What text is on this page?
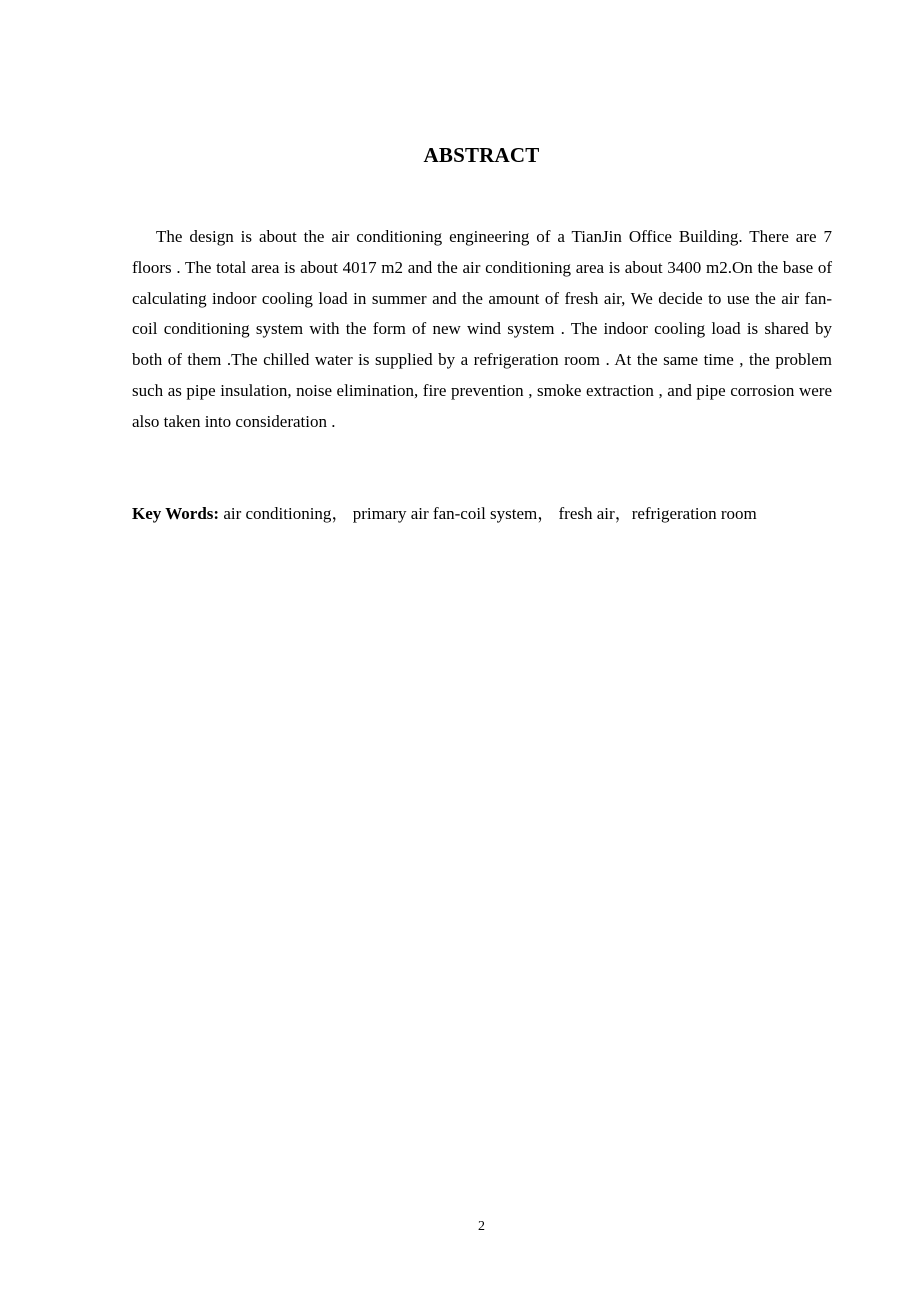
ABSTRACT

The design is about the air conditioning engineering of a TianJin Office Building. There are 7 floors . The total area is about 4017 m2 and the air conditioning area is about 3400 m2.On the base of calculating indoor cooling load in summer and the amount of fresh air, We decide to use the air fan-coil conditioning system with the form of new wind system . The indoor cooling load is shared by both of them .The chilled water is supplied by a refrigeration room . At the same time , the problem such as pipe insulation, noise elimination, fire prevention , smoke extraction , and pipe corrosion were also taken into consideration .

Key Words: air conditioning， primary air fan-coil system， fresh air，refrigeration room
2
